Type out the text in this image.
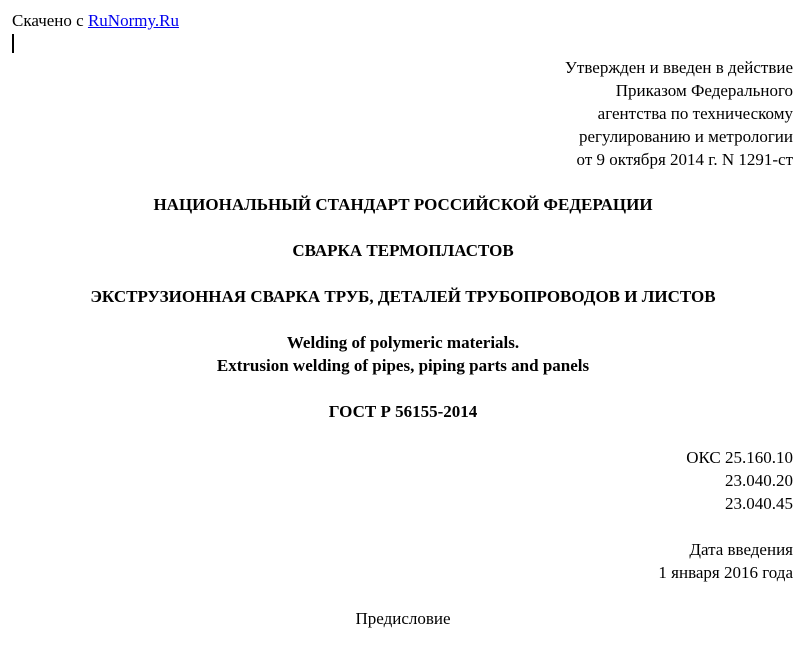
Скачено с RuNormy.Ru
Утвержден и введен в действие
Приказом Федерального
агентства по техническому
регулированию и метрологии
от 9 октября 2014 г. N 1291-ст
НАЦИОНАЛЬНЫЙ СТАНДАРТ РОССИЙСКОЙ ФЕДЕРАЦИИ
СВАРКА ТЕРМОПЛАСТОВ
ЭКСТРУЗИОННАЯ СВАРКА ТРУБ, ДЕТАЛЕЙ ТРУБОПРОВОДОВ И ЛИСТОВ
Welding of polymeric materials.
Extrusion welding of pipes, piping parts and panels
ГОСТ Р 56155-2014
ОКС 25.160.10
23.040.20
23.040.45
Дата введения
1 января 2016 года
Предисловие
